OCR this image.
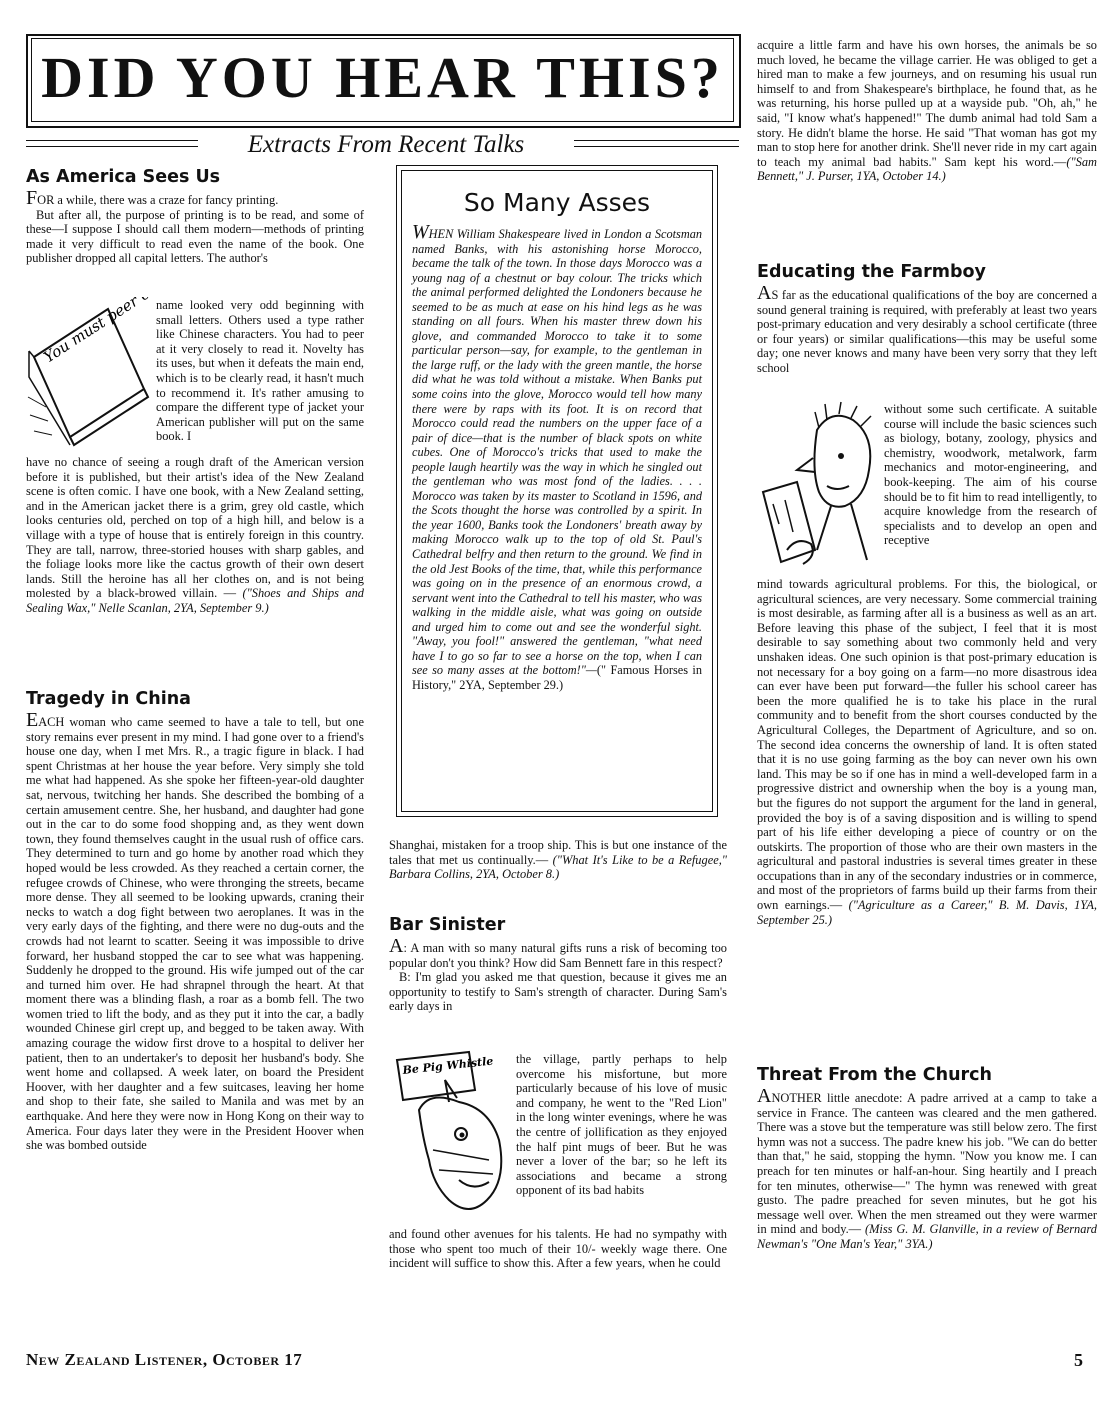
DID YOU HEAR THIS?
Extracts From Recent Talks
As America Sees Us

FOR a while, there was a craze for fancy printing.

But after all, the purpose of printing is to be read, and some of these—I suppose I should call them modern—methods of printing made it very difficult to read even the name of the book. One publisher dropped all capital letters. The author's

name looked very odd beginning with small letters. Others used a type rather like Chinese characters. You had to peer at it very closely to read it. Novelty has its uses, but when it defeats the main end, which is to be clearly read, it hasn't much to recommend it. It's rather amusing to compare the different type of jacket your American publisher will put on the same book. I

have no chance of seeing a rough draft of the American version before it is published, but their artist's idea of the New Zealand scene is often comic. I have one book, with a New Zealand setting, and in the American jacket there is a grim, grey old castle, which looks centuries old, perched on top of a high hill, and below is a village with a type of house that is entirely foreign in this country. They are tall, narrow, three-storied houses with sharp gables, and the foliage looks more like the cactus growth of their own desert lands. Still the heroine has all her clothes on, and is not being molested by a black-browed villain. — ("Shoes and Ships and Sealing Wax," Nelle Scanlan, 2YA, September 9.)

Tragedy in China

EACH woman who came seemed to have a tale to tell, but one story remains ever present in my mind. I had gone over to a friend's house one day, when I met Mrs. R., a tragic figure in black. I had spent Christmas at her house the year before. Very simply she told me what had happened. As she spoke her fifteen-year-old daughter sat, nervous, twitching her hands. She described the bombing of a certain amusement centre. She, her husband, and daughter had gone out in the car to do some food shopping and, as they went down town, they found themselves caught in the usual rush of office cars. They determined to turn and go home by another road which they hoped would be less crowded. As they reached a certain corner, the refugee crowds of Chinese, who were thronging the streets, became more dense. They all seemed to be looking upwards, craning their necks to watch a dog fight between two aeroplanes. It was in the very early days of the fighting, and there were no dug-outs and the crowds had not learnt to scatter. Seeing it was impossible to drive forward, her husband stopped the car to see what was happening. Suddenly he dropped to the ground. His wife jumped out of the car and turned him over. He had shrapnel through the heart. At that moment there was a blinding flash, a roar as a bomb fell. The two women tried to lift the body, and as they put it into the car, a badly wounded Chinese girl crept up, and begged to be taken away. With amazing courage the widow first drove to a hospital to deliver her patient, then to an undertaker's to deposit her husband's body. She went home and collapsed. A week later, on board the President Hoover, with her daughter and a few suitcases, leaving her home and shop to their fate, she sailed to Manila and was met by an earthquake. And here they were now in Hong Kong on their way to America. Four days later they were in the President Hoover when she was bombed outside

So Many Asses
WHEN William Shakespeare lived in London a Scotsman named Banks, with his astonishing horse Morocco, became the talk of the town. In those days Morocco was a young nag of a chestnut or bay colour. The tricks which the animal performed delighted the Londoners because he seemed to be as much at ease on his hind legs as he was standing on all fours. When his master threw down his glove, and commanded Morocco to take it to some particular person—say, for example, to the gentleman in the large ruff, or the lady with the green mantle, the horse did what he was told without a mistake. When Banks put some coins into the glove, Morocco would tell how many there were by raps with its foot. It is on record that Morocco could read the numbers on the upper face of a pair of dice—that is the number of black spots on white cubes. One of Morocco's tricks that used to make the people laugh heartily was the way in which he singled out the gentleman who was most fond of the ladies. . . . Morocco was taken by its master to Scotland in 1596, and the Scots thought the horse was controlled by a spirit. In the year 1600, Banks took the Londoners' breath away by making Morocco walk up to the top of old St. Paul's Cathedral belfry and then return to the ground. We find in the old Jest Books of the time, that, while this performance was going on in the presence of an enormous crowd, a servant went into the Cathedral to tell his master, who was walking in the middle aisle, what was going on outside and urged him to come out and see the wonderful sight. "Away, you fool!" answered the gentleman, "what need have I to go so far to see a horse on the top, when I can see so many asses at the bottom!"—(" Famous Horses in History," 2YA, September 29.)

Shanghai, mistaken for a troop ship. This is but one instance of the tales that met us continually.— ("What It's Like to be a Refugee," Barbara Collins, 2YA, October 8.)

Bar Sinister

A: A man with so many natural gifts runs a risk of becoming too popular don't you think? How did Sam Bennett fare in this respect?

B: I'm glad you asked me that question, because it gives me an opportunity to testify to Sam's strength of character. During Sam's early days in

Be Pig Whistle the village, partly perhaps to help overcome his misfortune, but more particularly because of his love of music and company, he went to the "Red Lion" in the long winter evenings, where he was the centre of jollification as they enjoyed the half pint mugs of beer. But he was never a lover of the bar; so he left its associations and became a strong opponent of its bad habits

and found other avenues for his talents. He had no sympathy with those who spent too much of their 10/- weekly wage there. One incident will suffice to show this. After a few years, when he could

acquire a little farm and have his own horses, the animals be so much loved, he became the village carrier. He was obliged to get a hired man to make a few journeys, and on resuming his usual run himself to and from Shakespeare's birthplace, he found that, as he was returning, his horse pulled up at a wayside pub. "Oh, ah," he said, "I know what's happened!" The dumb animal had told Sam a story. He didn't blame the horse. He said "That woman has got my man to stop here for another drink. She'll never ride in my cart again to teach my animal bad habits." Sam kept his word.—("Sam Bennett," J. Purser, 1YA, October 14.)

Educating the Farmboy

AS far as the educational qualifications of the boy are concerned a sound general training is required, with preferably at least two years post-primary education and very desirably a school certificate (three or four years) or similar qualifications—this may be useful some day; one never knows and many have been very sorry that they left school

without some such certificate. A suitable course will include the basic sciences such as biology, botany, zoology, physics and chemistry, woodwork, metalwork, farm mechanics and motor-engineering, and book-keeping. The aim of his course should be to fit him to read intelligently, to acquire knowledge from the research of specialists and to develop an open and receptive

mind towards agricultural problems. For this, the biological, or agricultural sciences, are very necessary. Some commercial training is most desirable, as farming after all is a business as well as an art. Before leaving this phase of the subject, I feel that it is most desirable to say something about two commonly held and very unshaken ideas. One such opinion is that post-primary education is not necessary for a boy going on a farm—no more disastrous idea can ever have been put forward—the fuller his school career has been the more qualified he is to take his place in the rural community and to benefit from the short courses conducted by the Agricultural Colleges, the Department of Agriculture, and so on. The second idea concerns the ownership of land. It is often stated that it is no use going farming as the boy can never own his own land. This may be so if one has in mind a well-developed farm in a progressive district and ownership when the boy is a young man, but the figures do not support the argument for the land in general, provided the boy is of a saving disposition and is willing to spend part of his life either developing a piece of country or on the outskirts. The proportion of those who are their own masters in the agricultural and pastoral industries is several times greater in these occupations than in any of the secondary industries or in commerce, and most of the proprietors of farms build up their farms from their own earnings.— ("Agriculture as a Career," B. M. Davis, 1YA, September 25.)

Threat From the Church

ANOTHER little anecdote: A padre arrived at a camp to take a service in France. The canteen was cleared and the men gathered. There was a stove but the temperature was still below zero. The first hymn was not a success. The padre knew his job. "We can do better than that," he said, stopping the hymn. "Now you know me. I can preach for ten minutes or half-an-hour. Sing heartily and I preach for ten minutes, otherwise—" The hymn was renewed with great gusto. The padre preached for seven minutes, but he got his message well over. When the men streamed out they were warmer in mind and body.— (Miss G. M. Glanville, in a review of Bernard Newman's "One Man's Year," 3YA.)

New Zealand Listener, October 17	5
